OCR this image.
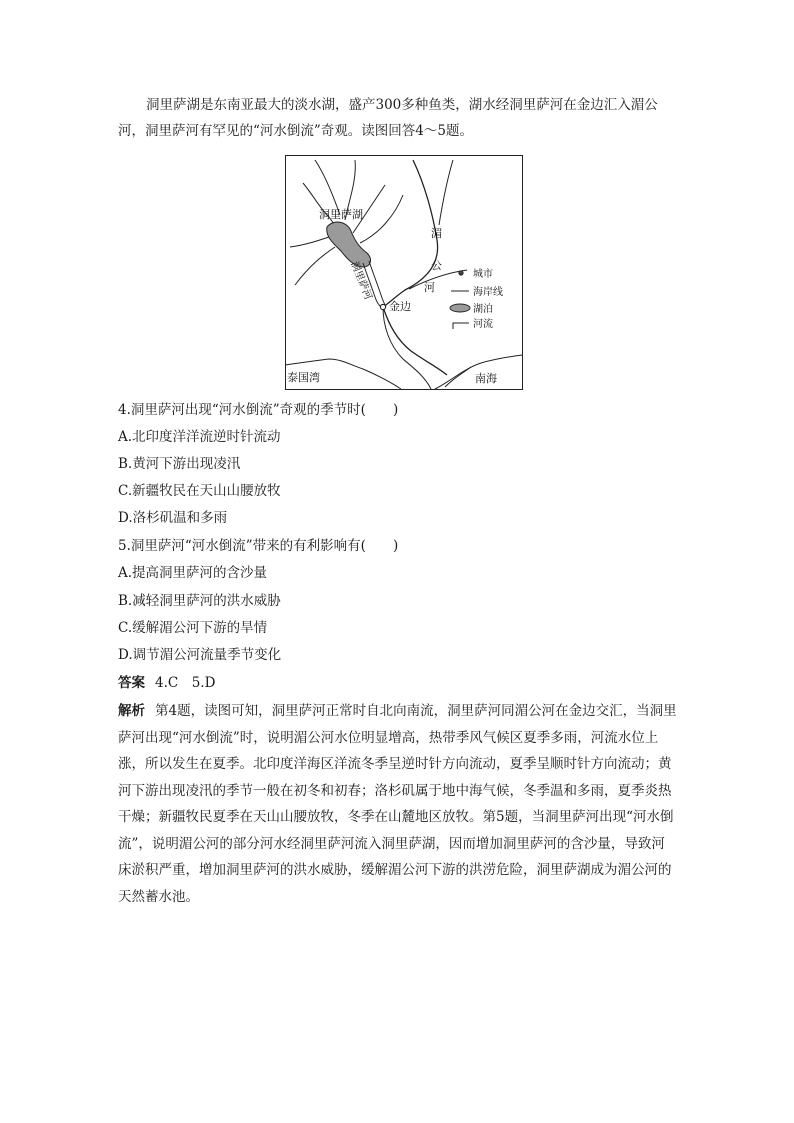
洞里萨湖是东南亚最大的淡水湖，盛产300多种鱼类，湖水经洞里萨河在金边汇入湄公河，洞里萨河有罕见的“河水倒流”奇观。读图回答4～5题。

洞里萨湖
洞里萨河
湄
公
河
金边
泰国湾	南海
城市
海岸线
湖泊
河流
4.洞里萨河出现“河水倒流”奇观的季节时(　　)
A.北印度洋洋流逆时针流动
B.黄河下游出现凌汛
C.新疆牧民在天山山腰放牧
D.洛杉矶温和多雨
5.洞里萨河“河水倒流”带来的有利影响有(　　)
A.提高洞里萨河的含沙量
B.减轻洞里萨河的洪水威胁
C.缓解湄公河下游的旱情
D.调节湄公河流量季节变化
答案 4.C　5.D

解析 第4题，读图可知，洞里萨河正常时自北向南流，洞里萨河同湄公河在金边交汇，当洞里萨河出现“河水倒流”时，说明湄公河水位明显增高，热带季风气候区夏季多雨，河流水位上涨，所以发生在夏季。北印度洋海区洋流冬季呈逆时针方向流动，夏季呈顺时针方向流动；黄河下游出现凌汛的季节一般在初冬和初春；洛杉矶属于地中海气候，冬季温和多雨，夏季炎热干燥；新疆牧民夏季在天山山腰放牧，冬季在山麓地区放牧。第5题，当洞里萨河出现“河水倒流”，说明湄公河的部分河水经洞里萨河流入洞里萨湖，因而增加洞里萨河的含沙量，导致河床淤积严重，增加洞里萨河的洪水威胁，缓解湄公河下游的洪涝危险，洞里萨湖成为湄公河的天然蓄水池。
